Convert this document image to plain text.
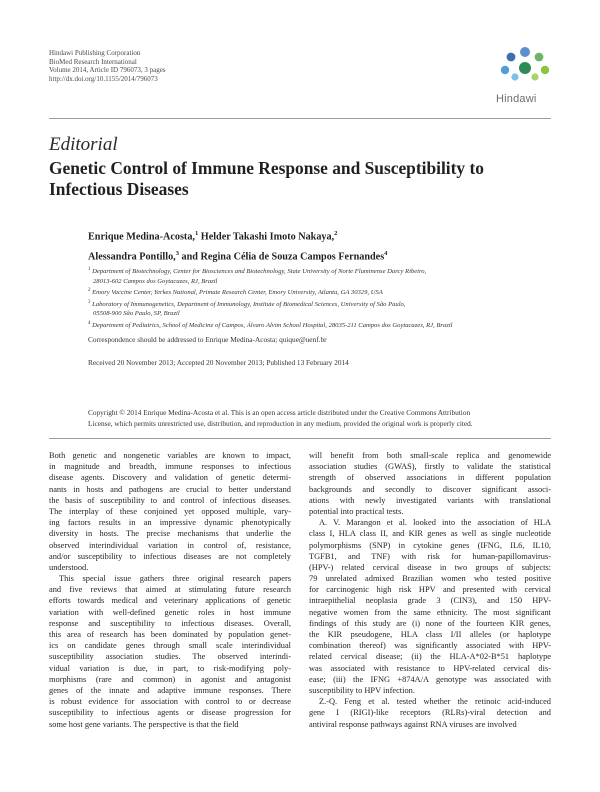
Hindawi Publishing Corporation
BioMed Research International
Volume 2014, Article ID 796073, 3 pages
http://dx.doi.org/10.1155/2014/796073
Hindawi
Editorial
Genetic Control of Immune Response and Susceptibility to
Infectious Diseases
Enrique Medina-Acosta,$^1$ Helder Takashi Imoto Nakaya,$^2$
Alessandra Pontillo,$^3$ and Regina Célia de Souza Campos Fernandes$^4$
$^1$ Department of Biotechnology, Center for Biosciences and Biotechnology, State University of Norte Fluminense Darcy Ribeiro,
28013-602 Campos dos Goytacazes, RJ, Brazil
$^2$ Emory Vaccine Center, Yerkes National, Primate Research Center, Emory University, Atlanta, GA 30329, USA
$^3$ Laboratory of Immunogenetics, Department of Immunology, Institute of Biomedical Sciences, University of São Paulo,
05508-900 São Paulo, SP, Brazil
$^4$ Department of Pediatrics, School of Medicine of Campos, Álvaro Alvim School Hospital, 28035-211 Campos dos Goytacazes, RJ, Brazil
Correspondence should be addressed to Enrique Medina-Acosta; quique@uenf.br
Received 20 November 2013; Accepted 20 November 2013; Published 13 February 2014
Copyright © 2014 Enrique Medina-Acosta et al. This is an open access article distributed under the Creative Commons Attribution
License, which permits unrestricted use, distribution, and reproduction in any medium, provided the original work is properly cited.
Both genetic and nongenetic variables are known to impact,
in magnitude and breadth, immune responses to infectious
disease agents. Discovery and validation of genetic determi-
nants in hosts and pathogens are crucial to better understand
the basis of susceptibility to and control of infectious diseases.
The interplay of these conjoined yet opposed multiple, vary-
ing factors results in an impressive dynamic phenotypically
diversity in hosts. The precise mechanisms that underlie the
observed interindividual variation in control of, resistance,
and/or susceptibility to infectious diseases are not completely
understood.
This special issue gathers three original research papers
and five reviews that aimed at stimulating future research
efforts towards medical and veterinary applications of genetic
variation with well-defined genetic roles in host immune
response and susceptibility to infectious diseases. Overall,
this area of research has been dominated by population genet-
ics on candidate genes through small scale interindividual
susceptibility association studies. The observed interindi-
vidual variation is due, in part, to risk-modifying poly-
morphisms (rare and common) in agonist and antagonist
genes of the innate and adaptive immune responses. There
is robust evidence for association with control to or decrease
susceptibility to infectious agents or disease progression for
some host gene variants. The perspective is that the field
will benefit from both small-scale replica and genomewide
association studies (GWAS), firstly to validate the statistical
strength of observed associations in different population
backgrounds and secondly to discover significant associ-
ations with newly investigated variants with translational
potential into practical tests.
A. V. Marangon et al. looked into the association of HLA
class I, HLA class II, and KIR genes as well as single nucleotide
polymorphisms (SNP) in cytokine genes (IFNG, IL6, IL10,
TGFB1, and TNF) with risk for human-papillomavirus-
(HPV-) related cervical disease in two groups of subjects:
79 unrelated admixed Brazilian women who tested positive
for carcinogenic high risk HPV and presented with cervical
intraepithelial neoplasia grade 3 (CIN3), and 150 HPV-
negative women from the same ethnicity. The most significant
findings of this study are (i) none of the fourteen KIR genes,
the KIR pseudogene, HLA class I/II alleles (or haplotype
combination thereof) was significantly associated with HPV-
related cervical disease; (ii) the HLA-A*02-B*51 haplotype
was associated with resistance to HPV-related cervical dis-
ease; (iii) the IFNG +874A/A genotype was associated with
susceptibility to HPV infection.
Z.-Q. Feng et al. tested whether the retinoic acid-induced
gene I (RIGI)-like receptors (RLRs)-viral detection and
antiviral response pathways against RNA viruses are involved
